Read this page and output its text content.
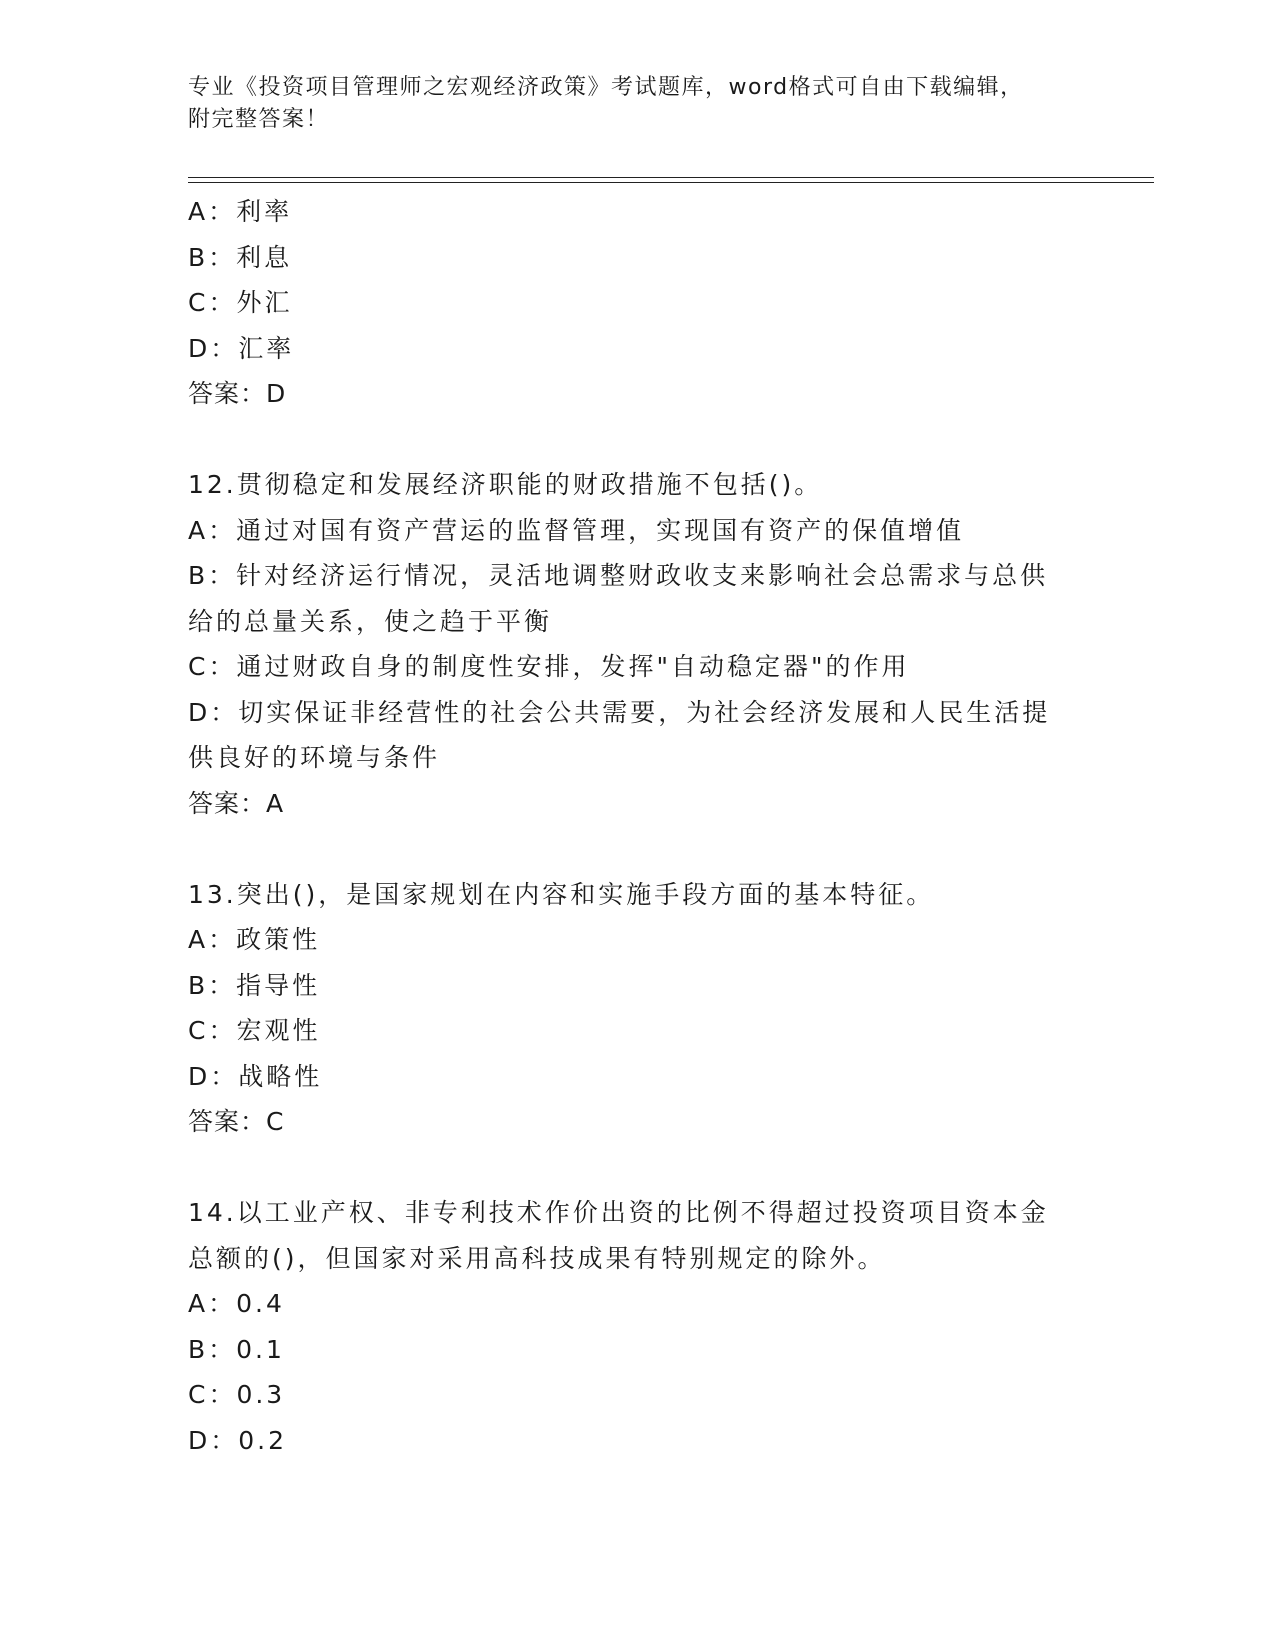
专业《投资项目管理师之宏观经济政策》考试题库，word格式可自由下载编辑，
附完整答案！

A：利率

B：利息

C：外汇

D：汇率

答案：D

12.贯彻稳定和发展经济职能的财政措施不包括()。

A：通过对国有资产营运的监督管理，实现国有资产的保值增值

B：针对经济运行情况，灵活地调整财政收支来影响社会总需求与总供

给的总量关系，使之趋于平衡

C：通过财政自身的制度性安排，发挥"自动稳定器"的作用

D：切实保证非经营性的社会公共需要，为社会经济发展和人民生活提

供良好的环境与条件

答案：A

13.突出()，是国家规划在内容和实施手段方面的基本特征。

A：政策性

B：指导性

C：宏观性

D：战略性

答案：C

14.以工业产权、非专利技术作价出资的比例不得超过投资项目资本金

总额的()，但国家对采用高科技成果有特别规定的除外。

A：0.4

B：0.1

C：0.3

D：0.2
